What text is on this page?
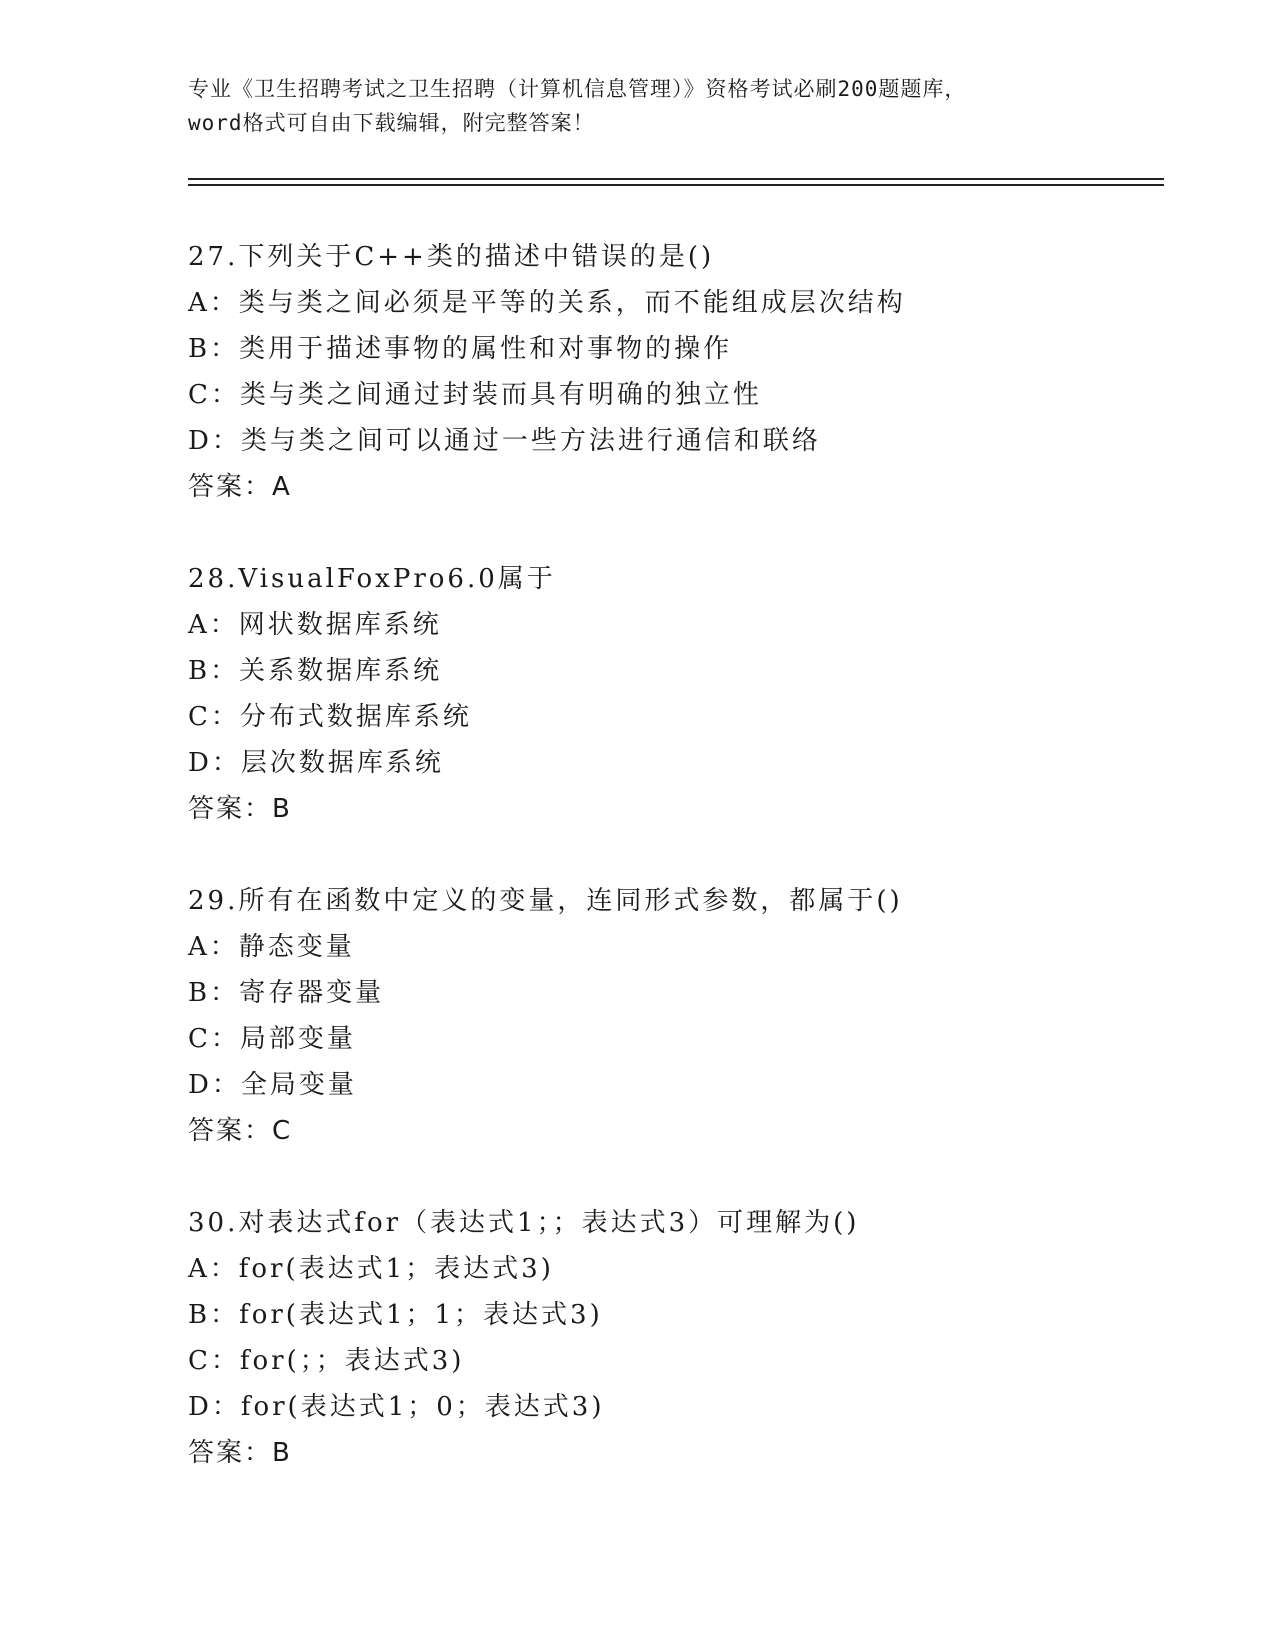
专业《卫生招聘考试之卫生招聘（计算机信息管理）》资格考试必刷200题题库，

word格式可自由下载编辑，附完整答案！

27.下列关于C++类的描述中错误的是()
A：类与类之间必须是平等的关系，而不能组成层次结构
B：类用于描述事物的属性和对事物的操作
C：类与类之间通过封装而具有明确的独立性
D：类与类之间可以通过一些方法进行通信和联络
答案：A
28.VisualFoxPro6.0属于
A：网状数据库系统
B：关系数据库系统
C：分布式数据库系统
D：层次数据库系统
答案：B
29.所有在函数中定义的变量，连同形式参数，都属于()
A：静态变量
B：寄存器变量
C：局部变量
D：全局变量
答案：C
30.对表达式for（表达式1；；表达式3）可理解为()
A：for(表达式1；表达式3)
B：for(表达式1；1；表达式3)
C：for(；；表达式3)
D：for(表达式1；0；表达式3)
答案：B
